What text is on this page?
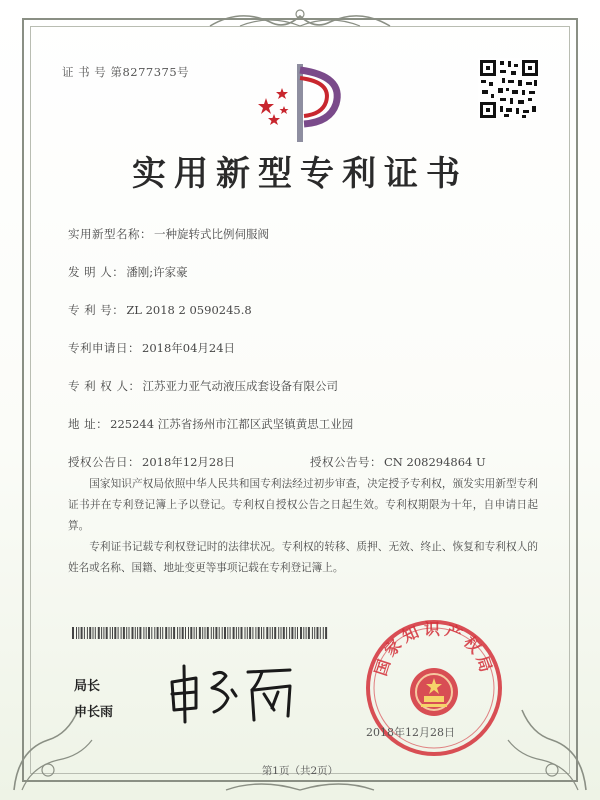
证 书 号 第8277375号
实用新型专利证书
实用新型名称： 一种旋转式比例伺服阀
发 明 人： 潘刚;许家豪
专 利 号： ZL 2018 2 0590245.8
专利申请日： 2018年04月24日
专 利 权 人： 江苏亚力亚气动液压成套设备有限公司
地 址： 225244 江苏省扬州市江都区武坚镇黄思工业园
授权公告日： 2018年12月28日	授权公告号： CN 208294864 U

国家知识产权局依照中华人民共和国专利法经过初步审查，决定授予专利权，颁发实用新型专利证书并在专利登记簿上予以登记。专利权自授权公告之日起生效。专利权期限为十年，自申请日起算。

专利证书记载专利权登记时的法律状况。专利权的转移、质押、无效、终止、恢复和专利权人的姓名或名称、国籍、地址变更等事项记载在专利登记簿上。

局长
申长雨
国家知识产权局
2018年12月28日
第1页（共2页）
